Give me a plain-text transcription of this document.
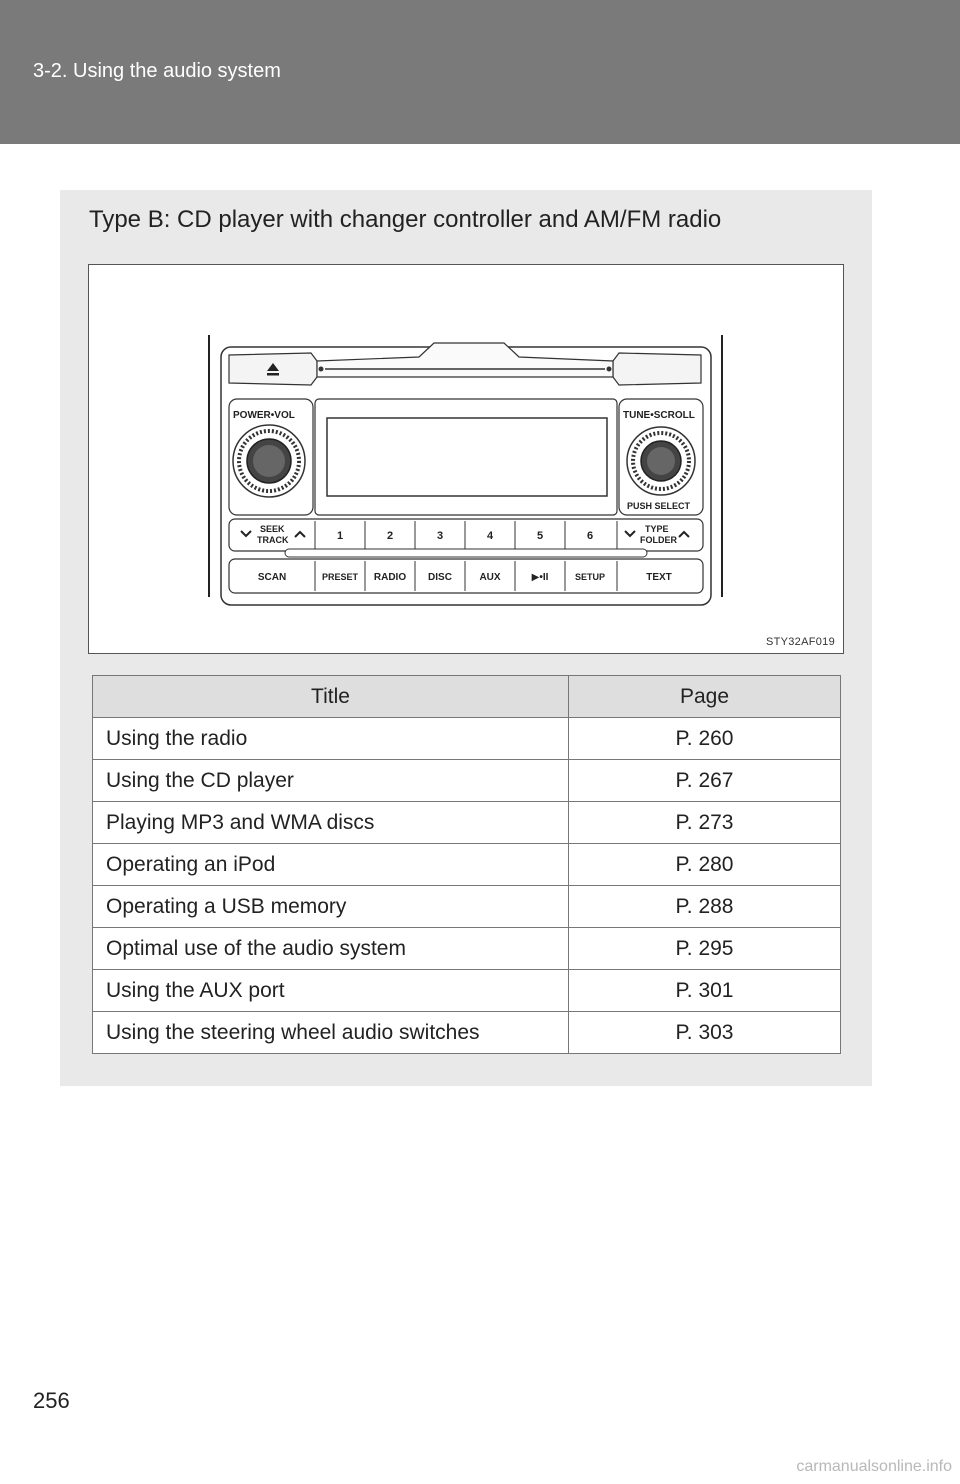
3-2. Using the audio system
Type B: CD player with changer controller and AM/FM radio
POWER•VOL	TUNE•SCROLL
PUSH SELECT
SEEK
TRACK
TYPE
FOLDER
1	2	3	4	5	6
SCAN	PRESET RADIO DISC	AUX	▶•II	SETUP	TEXT
STY32AF019
Title	Page
Using the radio	P. 260
Using the CD player	P. 267
Playing MP3 and WMA discs	P. 273
Operating an iPod	P. 280
Operating a USB memory	P. 288
Optimal use of the audio system	P. 295
Using the AUX port	P. 301
Using the steering wheel audio switches	P. 303
256
carmanualsonline.info
